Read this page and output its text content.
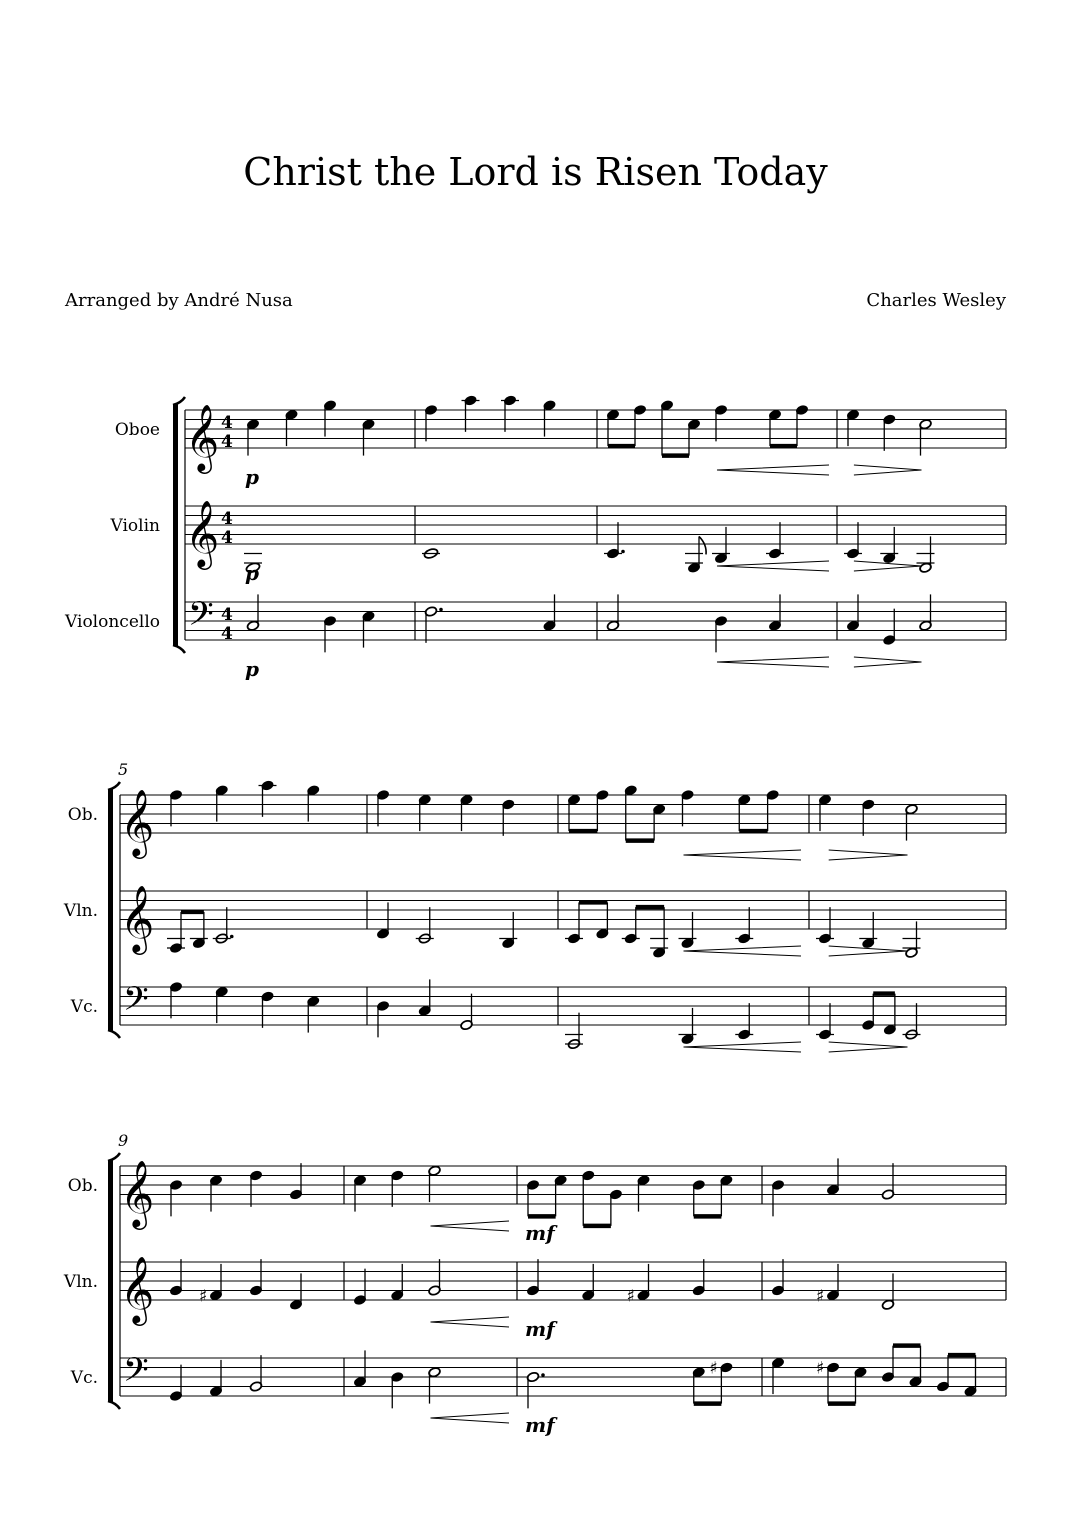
Christ the Lord is Risen Today
Arranged by André Nusa	Charles Wesley
Oboe
Violin
Violoncello
𝄞 4
4
𝄞 4
4
𝄢 4
4
p
p
p
Ob.
Vln.
Vc.
5
𝄞
𝄞
𝄢
Ob.
Vln.
Vc.
9
𝄞
𝄞
𝄢
♯
mf
♯
mf
♯
mf
♯
♯
